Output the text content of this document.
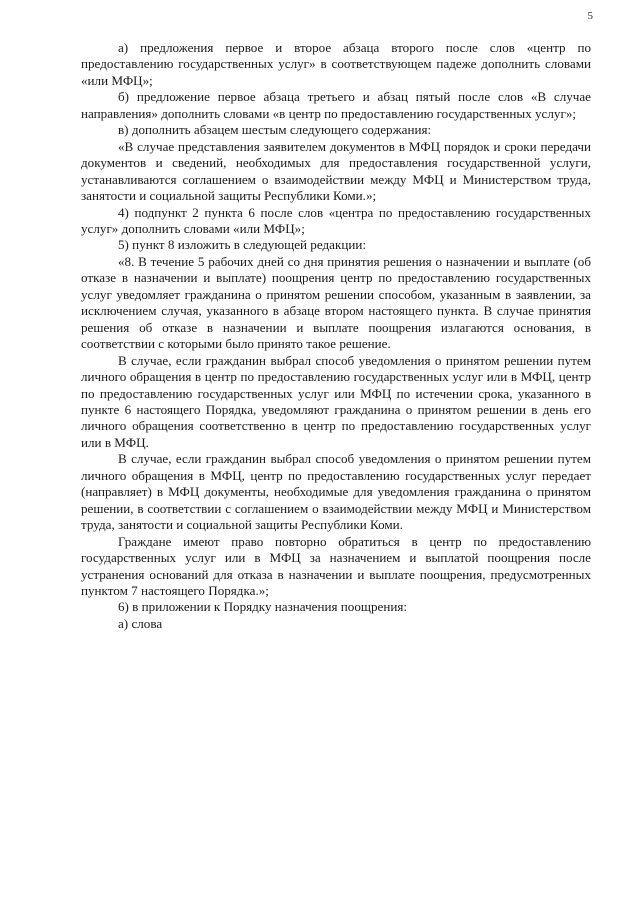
5

а) предложения первое и второе абзаца второго после слов «центр по предоставлению государственных услуг» в соответствующем падеже дополнить словами «или МФЦ»;

б) предложение первое абзаца третьего и абзац пятый после слов «В случае направления» дополнить словами «в центр по предоставлению государственных услуг»;

в) дополнить абзацем шестым следующего содержания:

«В случае представления заявителем документов в МФЦ порядок и сроки передачи документов и сведений, необходимых для предоставления государственной услуги, устанавливаются соглашением о взаимодействии между МФЦ и Министерством труда, занятости и социальной защиты Республики Коми.»;

4) подпункт 2 пункта 6 после слов «центра по предоставлению государственных услуг» дополнить словами «или МФЦ»;

5) пункт 8 изложить в следующей редакции:

«8. В течение 5 рабочих дней со дня принятия решения о назначении и выплате (об отказе в назначении и выплате) поощрения центр по предоставлению государственных услуг уведомляет гражданина о принятом решении способом, указанным в заявлении, за исключением случая, указанного в абзаце втором настоящего пункта. В случае принятия решения об отказе в назначении и выплате поощрения излагаются основания, в соответствии с которыми было принято такое решение.

В случае, если гражданин выбрал способ уведомления о принятом решении путем личного обращения в центр по предоставлению государственных услуг или в МФЦ, центр по предоставлению государственных услуг или МФЦ по истечении срока, указанного в пункте 6 настоящего Порядка, уведомляют гражданина о принятом решении в день его личного обращения соответственно в центр по предоставлению государственных услуг или в МФЦ.

В случае, если гражданин выбрал способ уведомления о принятом решении путем личного обращения в МФЦ, центр по предоставлению государственных услуг передает (направляет) в МФЦ документы, необходимые для уведомления гражданина о принятом решении, в соответствии с соглашением о взаимодействии между МФЦ и Министерством труда, занятости и социальной защиты Республики Коми.

Граждане имеют право повторно обратиться в центр по предоставлению государственных услуг или в МФЦ за назначением и выплатой поощрения после устранения оснований для отказа в назначении и выплате поощрения, предусмотренных пунктом 7 настоящего Порядка.»;

6) в приложении к Порядку назначения поощрения:

а) слова
